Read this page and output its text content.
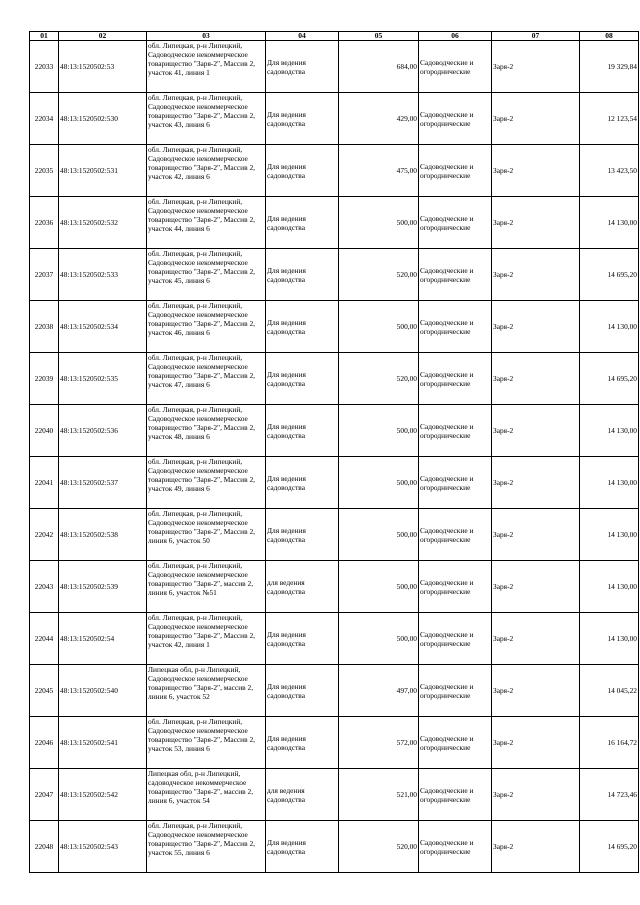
01	02	03	04	05	06	07	08
22033	48:13:1520502:53	обл. Липецкая, р-н Липецкий, Садоводческое некоммерческое товарищество "Заря-2", Массив 2, участок 41, линия 1	Для ведения садоводства	684,00	Садоводческие и огороднические	Заря-2	19 329,84
22034	48:13:1520502:530	обл. Липецкая, р-н Липецкий, Садоводческое некоммерческое товарищество "Заря-2", Массив 2, участок 43, линия 6	Для ведения садоводства	429,00	Садоводческие и огороднические	Заря-2	12 123,54
22035	48:13:1520502:531	обл. Липецкая, р-н Липецкий, Садоводческое некоммерческое товарищество "Заря-2", Массив 2, участок 42, линия 6	Для ведения садоводства	475,00	Садоводческие и огороднические	Заря-2	13 423,50
22036	48:13:1520502:532	обл. Липецкая, р-н Липецкий, Садоводческое некоммерческое товарищество "Заря-2", Массив 2, участок 44, линия 6	Для ведения садоводства	500,00	Садоводческие и огороднические	Заря-2	14 130,00
22037	48:13:1520502:533	обл. Липецкая, р-н Липецкий, Садоводческое некоммерческое товарищество "Заря-2", Массив 2, участок 45, линия 6	Для ведения садоводства	520,00	Садоводческие и огороднические	Заря-2	14 695,20
22038	48:13:1520502:534	обл. Липецкая, р-н Липецкий, Садоводческое некоммерческое товарищество "Заря-2", Массив 2, участок 46, линия 6	Для ведения садоводства	500,00	Садоводческие и огороднические	Заря-2	14 130,00
22039	48:13:1520502:535	обл. Липецкая, р-н Липецкий, Садоводческое некоммерческое товарищество "Заря-2", Массив 2, участок 47, линия 6	Для ведения садоводства	520,00	Садоводческие и огороднические	Заря-2	14 695,20
22040	48:13:1520502:536	обл. Липецкая, р-н Липецкий, Садоводческое некоммерческое товарищество "Заря-2", Массив 2, участок 48, линия 6	Для ведения садоводства	500,00	Садоводческие и огороднические	Заря-2	14 130,00
22041	48:13:1520502:537	обл. Липецкая, р-н Липецкий, Садоводческое некоммерческое товарищество "Заря-2", Массив 2, участок 49, линия 6	Для ведения садоводства	500,00	Садоводческие и огороднические	Заря-2	14 130,00
22042	48:13:1520502:538	обл. Липецкая, р-н Липецкий, Садоводческое некоммерческое товарищество "Заря-2", Массив 2, линия 6, участок 50	Для ведения садоводства	500,00	Садоводческие и огороднические	Заря-2	14 130,00
22043	48:13:1520502:539	обл. Липецкая, р-н Липецкий, Садоводческое некоммерческое товарищество "Заря-2", массив 2, линия 6, участок №51	для ведения садоводства	500,00	Садоводческие и огороднические	Заря-2	14 130,00
22044	48:13:1520502:54	обл. Липецкая, р-н Липецкий, Садоводческое некоммерческое товарищество "Заря-2", Массив 2, участок 42, линия 1	Для ведения садоводства	500,00	Садоводческие и огороднические	Заря-2	14 130,00
22045	48:13:1520502:540	Липецкая обл, р-н Липецкий, Садоводческое некоммерческое товарищество "Заря-2", массив 2, линия 6, участок 52	Для ведения садоводства	497,00	Садоводческие и огороднические	Заря-2	14 045,22
22046	48:13:1520502:541	обл. Липецкая, р-н Липецкий, Садоводческое некоммерческое товарищество "Заря-2", Массив 2, участок 53, линия 6	Для ведения садоводства	572,00	Садоводческие и огороднические	Заря-2	16 164,72
22047	48:13:1520502:542	Липецкая обл, р-н Липецкий, садоводческое некоммерческое товарищество "Заря-2", массив 2, линия 6, участок 54	для ведения садоводства	521,00	Садоводческие и огороднические	Заря-2	14 723,46
22048	48:13:1520502:543	обл. Липецкая, р-н Липецкий, Садоводческое некоммерческое товарищество "Заря-2", Массив 2, участок 55, линия 6	Для ведения садоводства	520,00	Садоводческие и огороднические	Заря-2	14 695,20
